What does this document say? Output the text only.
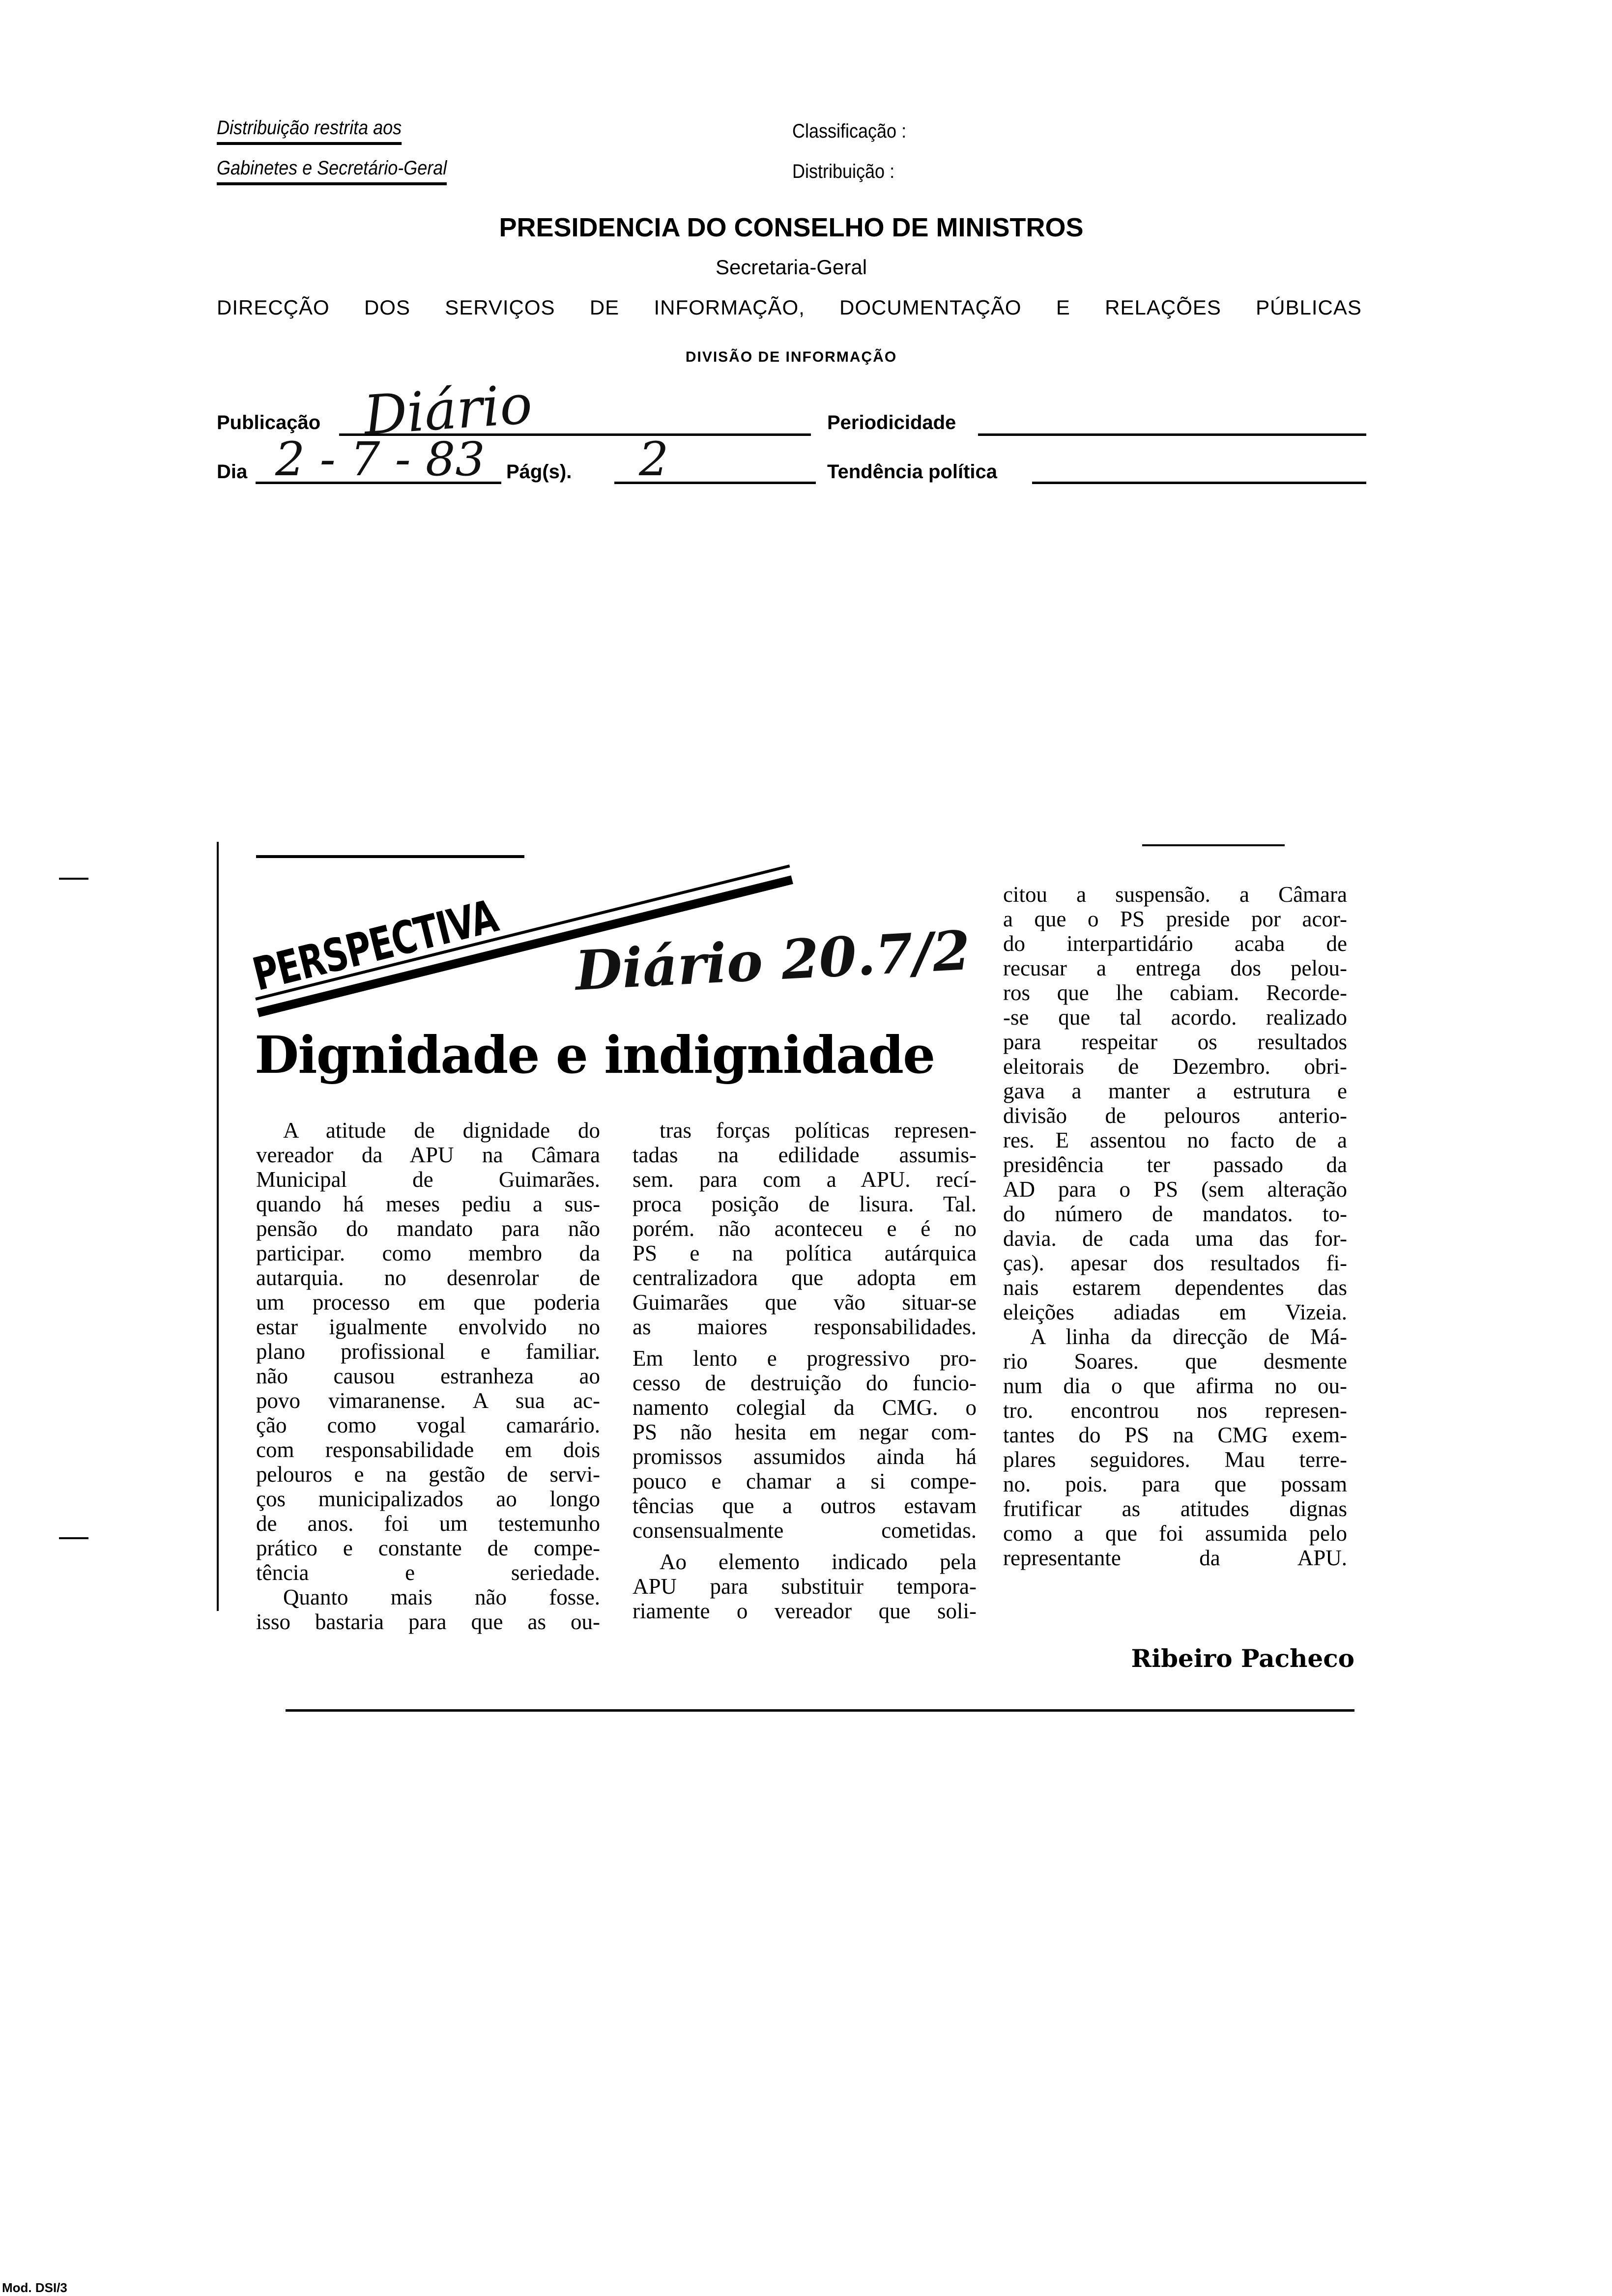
Distribuição restrita aos
Gabinetes e Secretário-Geral
Classificação :
Distribuição :
PRESIDENCIA DO CONSELHO DE MINISTROS
Secretaria-Geral
DIRECÇÃO DOS SERVIÇOS DE INFORMAÇÃO, DOCUMENTAÇÃO E RELAÇÕES PÚBLICAS
DIVISÃO DE INFORMAÇÃO
Publicação Diário	Periodicidade
Dia 2 - 7 - 83 Pág(s). 2	Tendência política
PERSPECTIVA Diário 20.7/2
Dignidade e indignidade
A atitude de dignidade do
vereador da APU na Câmara
Municipal de Guimarães.
quando há meses pediu a sus-
pensão do mandato para não
participar. como membro da
autarquia. no desenrolar de
um processo em que poderia
estar igualmente envolvido no
plano profissional e familiar.
não causou estranheza ao
povo vimaranense. A sua ac-
ção como vogal camarário.
com responsabilidade em dois
pelouros e na gestão de servi-
ços municipalizados ao longo
de anos. foi um testemunho
prático e constante de compe-
tência e seriedade.
Quanto mais não fosse.
isso bastaria para que as ou-
tras forças políticas represen-
tadas na edilidade assumis-
sem. para com a APU. recí-
proca posição de lisura. Tal.
porém. não aconteceu e é no
PS e na política autárquica
centralizadora que adopta em
Guimarães que vão situar-se
as maiores responsabilidades.
Em lento e progressivo pro-
cesso de destruição do funcio-
namento colegial da CMG. o
PS não hesita em negar com-
promissos assumidos ainda há
pouco e chamar a si compe-
tências que a outros estavam
consensualmente cometidas.
Ao elemento indicado pela
APU para substituir tempora-
riamente o vereador que soli-
citou a suspensão. a Câmara
a que o PS preside por acor-
do interpartidário acaba de
recusar a entrega dos pelou-
ros que lhe cabiam. Recorde-
-se que tal acordo. realizado
para respeitar os resultados
eleitorais de Dezembro. obri-
gava a manter a estrutura e
divisão de pelouros anterio-
res. E assentou no facto de a
presidência ter passado da
AD para o PS (sem alteração
do número de mandatos. to-
davia. de cada uma das for-
ças). apesar dos resultados fi-
nais estarem dependentes das
eleições adiadas em Vizeia.
A linha da direcção de Má-
rio Soares. que desmente
num dia o que afirma no ou-
tro. encontrou nos represen-
tantes do PS na CMG exem-
plares seguidores. Mau terre-
no. pois. para que possam
frutificar as atitudes dignas
como a que foi assumida pelo
representante da APU.
Ribeiro Pacheco
Mod. DSI/3
